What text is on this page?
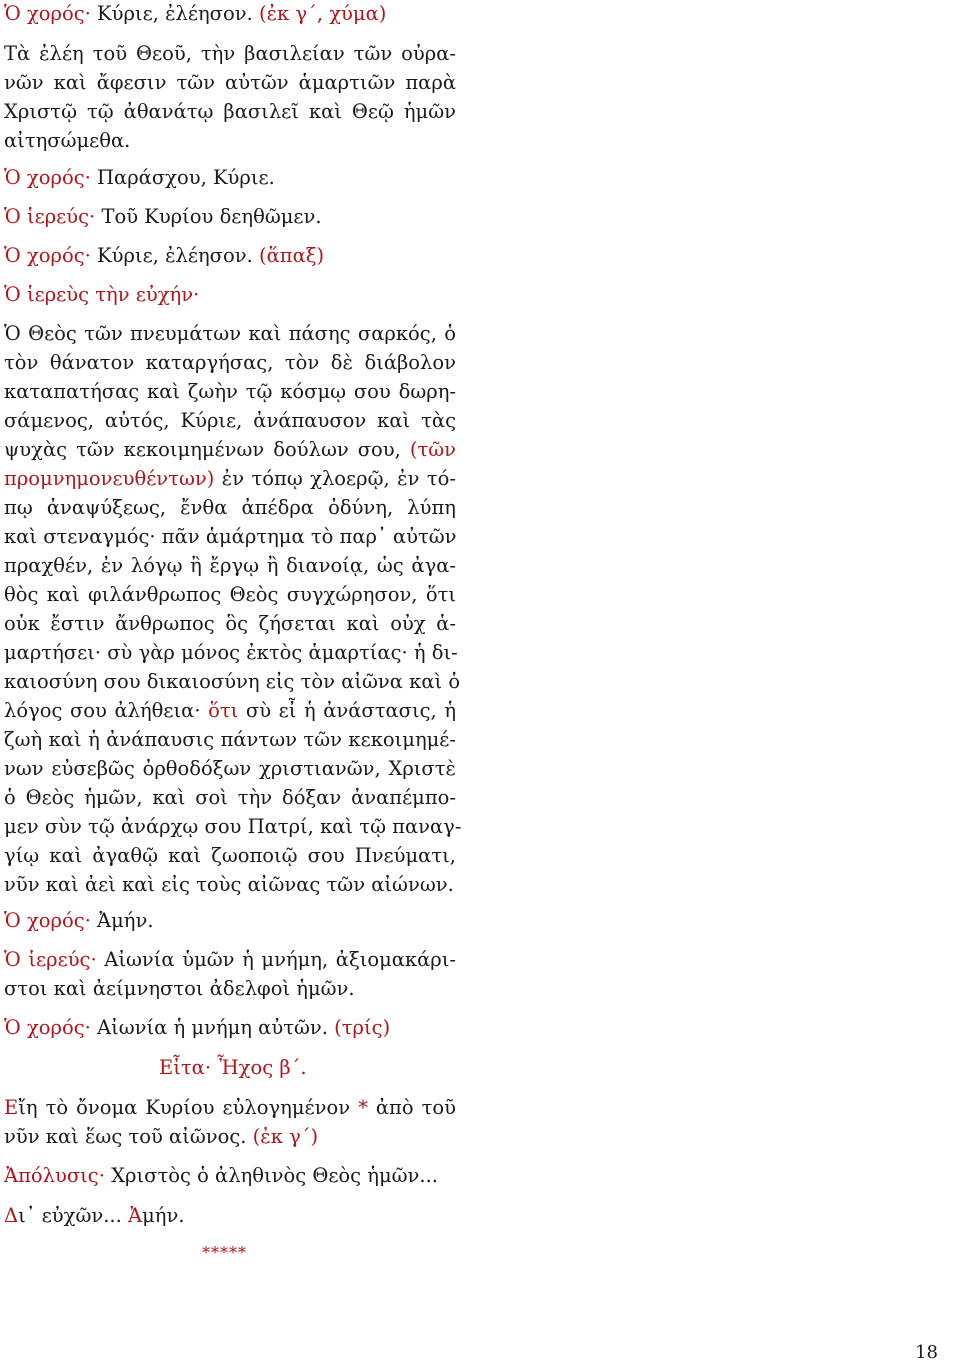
Ὁ χορός· Κύριε, ἐλέησον. (ἐκ γ΄, χύμα)
Τὰ ἐλέη τοῦ Θεοῦ, τὴν βασιλείαν τῶν οὐρα-
νῶν καὶ ἄφεσιν τῶν αὐτῶν ἁμαρτιῶν παρὰ
Χριστῷ τῷ ἀθανάτῳ βασιλεῖ καὶ Θεῷ ἡμῶν
αἰτησώμεθα.
Ὁ χορός· Παράσχου, Κύριε.
Ὁ ἱερεύς· Τοῦ Κυρίου δεηθῶμεν.
Ὁ χορός· Κύριε, ἐλέησον. (ἅπαξ)
Ὁ ἱερεὺς τὴν εὐχήν·
Ὁ Θεὸς τῶν πνευμάτων καὶ πάσης σαρκός, ὁ
τὸν θάνατον καταργήσας, τὸν δὲ διάβολον
καταπατήσας καὶ ζωὴν τῷ κόσμῳ σου δωρη-
σάμενος, αὐτός, Κύριε, ἀνάπαυσον καὶ τὰς
ψυχὰς τῶν κεκοιμημένων δούλων σου, (τῶν
προμνημονευθέντων) ἐν τόπῳ χλοερῷ, ἐν τό-
πῳ ἀναψύξεως, ἔνθα ἀπέδρα ὀδύνη, λύπη
καὶ στεναγμός· πᾶν ἁμάρτημα τὸ παρ᾽ αὐτῶν
πραχθέν, ἐν λόγῳ ἢ ἔργῳ ἢ διανοίᾳ, ὡς ἀγα-
θὸς καὶ φιλάνθρωπος Θεὸς συγχώρησον, ὅτι
οὐκ ἔστιν ἄνθρωπος ὃς ζήσεται καὶ οὐχ ἁ-
μαρτήσει· σὺ γὰρ μόνος ἐκτὸς ἁμαρτίας· ἡ δι-
καιοσύνη σου δικαιοσύνη εἰς τὸν αἰῶνα καὶ ὁ
λόγος σου ἀλήθεια· ὅτι σὺ εἶ ἡ ἀνάστασις, ἡ
ζωὴ καὶ ἡ ἀνάπαυσις πάντων τῶν κεκοιμημέ-
νων εὐσεβῶς ὀρθοδόξων χριστιανῶν, Χριστὲ
ὁ Θεὸς ἡμῶν, καὶ σοὶ τὴν δόξαν ἀναπέμπο-
μεν σὺν τῷ ἀνάρχῳ σου Πατρί, καὶ τῷ παναγ-
γίῳ καὶ ἀγαθῷ καὶ ζωοποιῷ σου Πνεύματι,
νῦν καὶ ἀεὶ καὶ εἰς τοὺς αἰῶνας τῶν αἰώνων.
Ὁ χορός· Ἀμήν.
Ὁ ἱερεύς· Αἰωνία ὑμῶν ἡ μνήμη, ἀξιομακάρι-
στοι καὶ ἀείμνηστοι ἀδελφοὶ ἡμῶν.
Ὁ χορός· Αἰωνία ἡ μνήμη αὐτῶν. (τρίς)
Εἶτα· Ἦχος β΄.
Εἴη τὸ ὄνομα Κυρίου εὐλογημένον * ἀπὸ τοῦ
νῦν καὶ ἕως τοῦ αἰῶνος. (ἐκ γ΄)
Ἀπόλυσις· Χριστὸς ὁ ἀληθινὸς Θεὸς ἡμῶν...
Δι᾽ εὐχῶν... Ἀμήν.
*****
18
